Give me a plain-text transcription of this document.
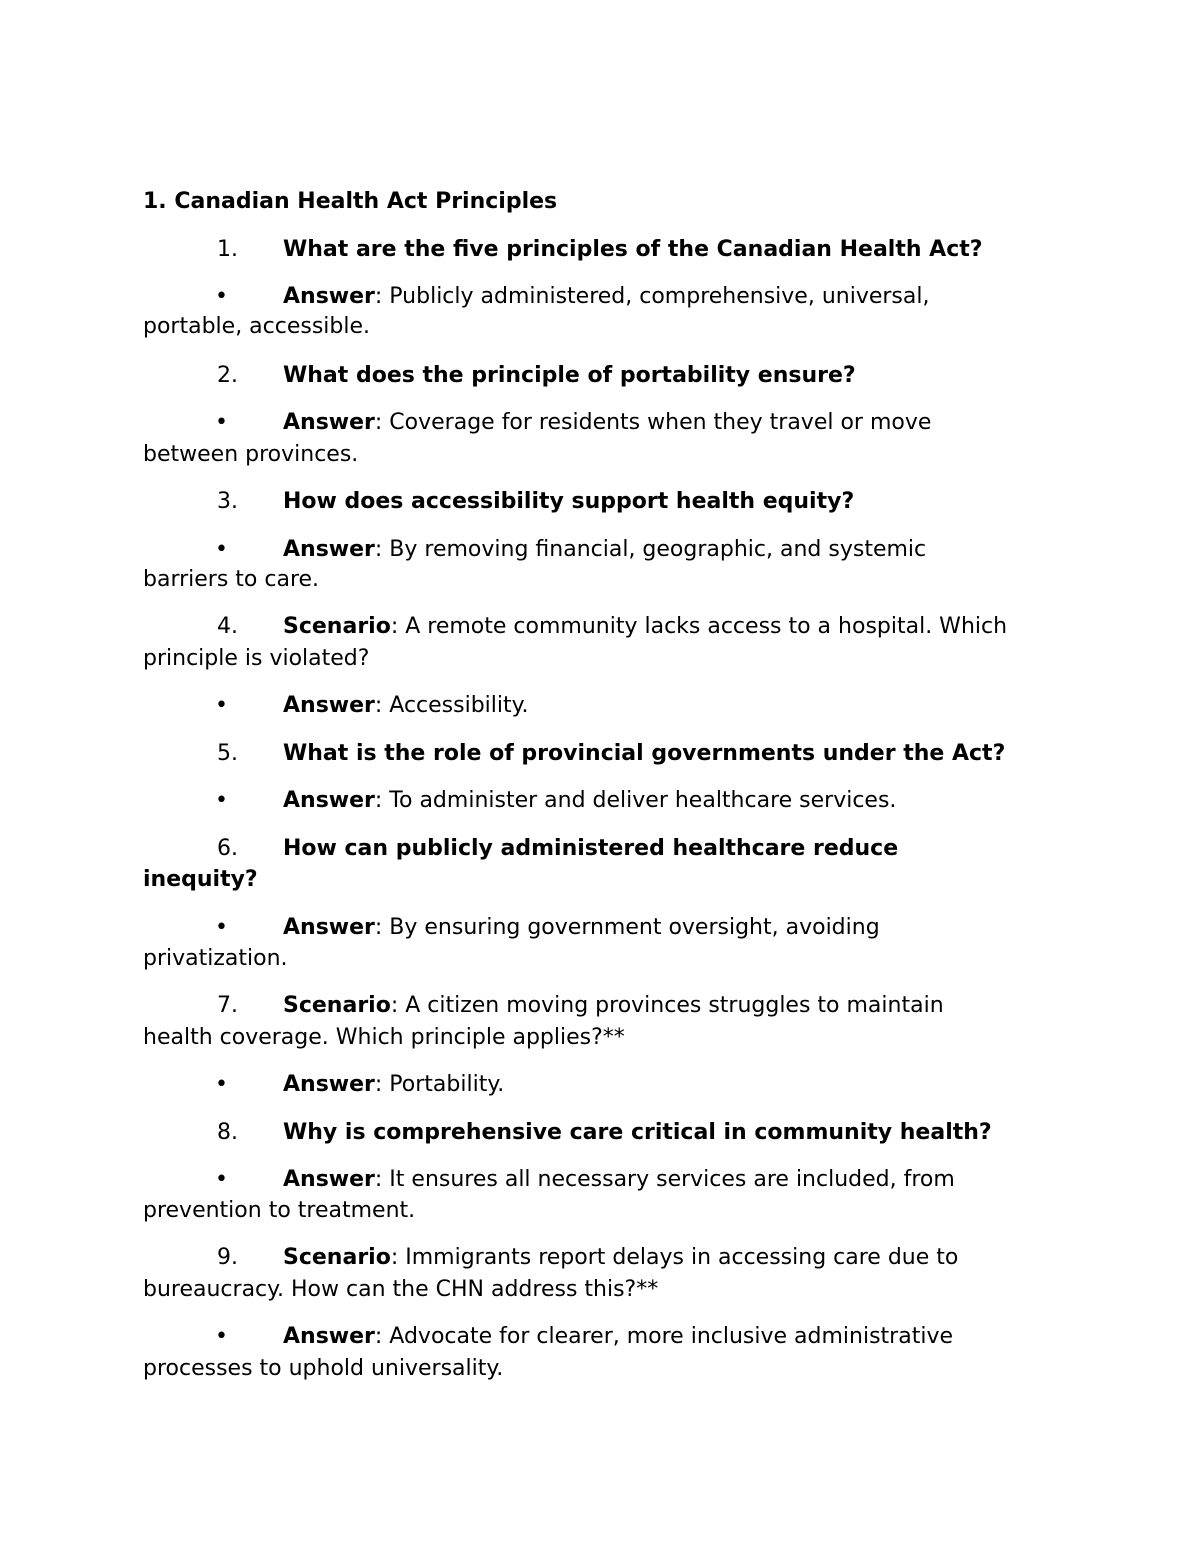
1. Canadian Health Act Principles
1. What are the five principles of the Canadian Health Act?
•	Answer: Publicly administered, comprehensive, universal,
portable, accessible.
2. What does the principle of portability ensure?
•	Answer: Coverage for residents when they travel or move
between provinces.
3. How does accessibility support health equity?
•	Answer: By removing financial, geographic, and systemic
barriers to care.
4. Scenario: A remote community lacks access to a hospital. Which
principle is violated?
•	Answer: Accessibility.
5. What is the role of provincial governments under the Act?
•	Answer: To administer and deliver healthcare services.
6. How can publicly administered healthcare reduce
inequity?
•	Answer: By ensuring government oversight, avoiding
privatization.
7. Scenario: A citizen moving provinces struggles to maintain
health coverage. Which principle applies?**
•	Answer: Portability.
8. Why is comprehensive care critical in community health?
•	Answer: It ensures all necessary services are included, from
prevention to treatment.
9. Scenario: Immigrants report delays in accessing care due to
bureaucracy. How can the CHN address this?**
•	Answer: Advocate for clearer, more inclusive administrative
processes to uphold universality.
